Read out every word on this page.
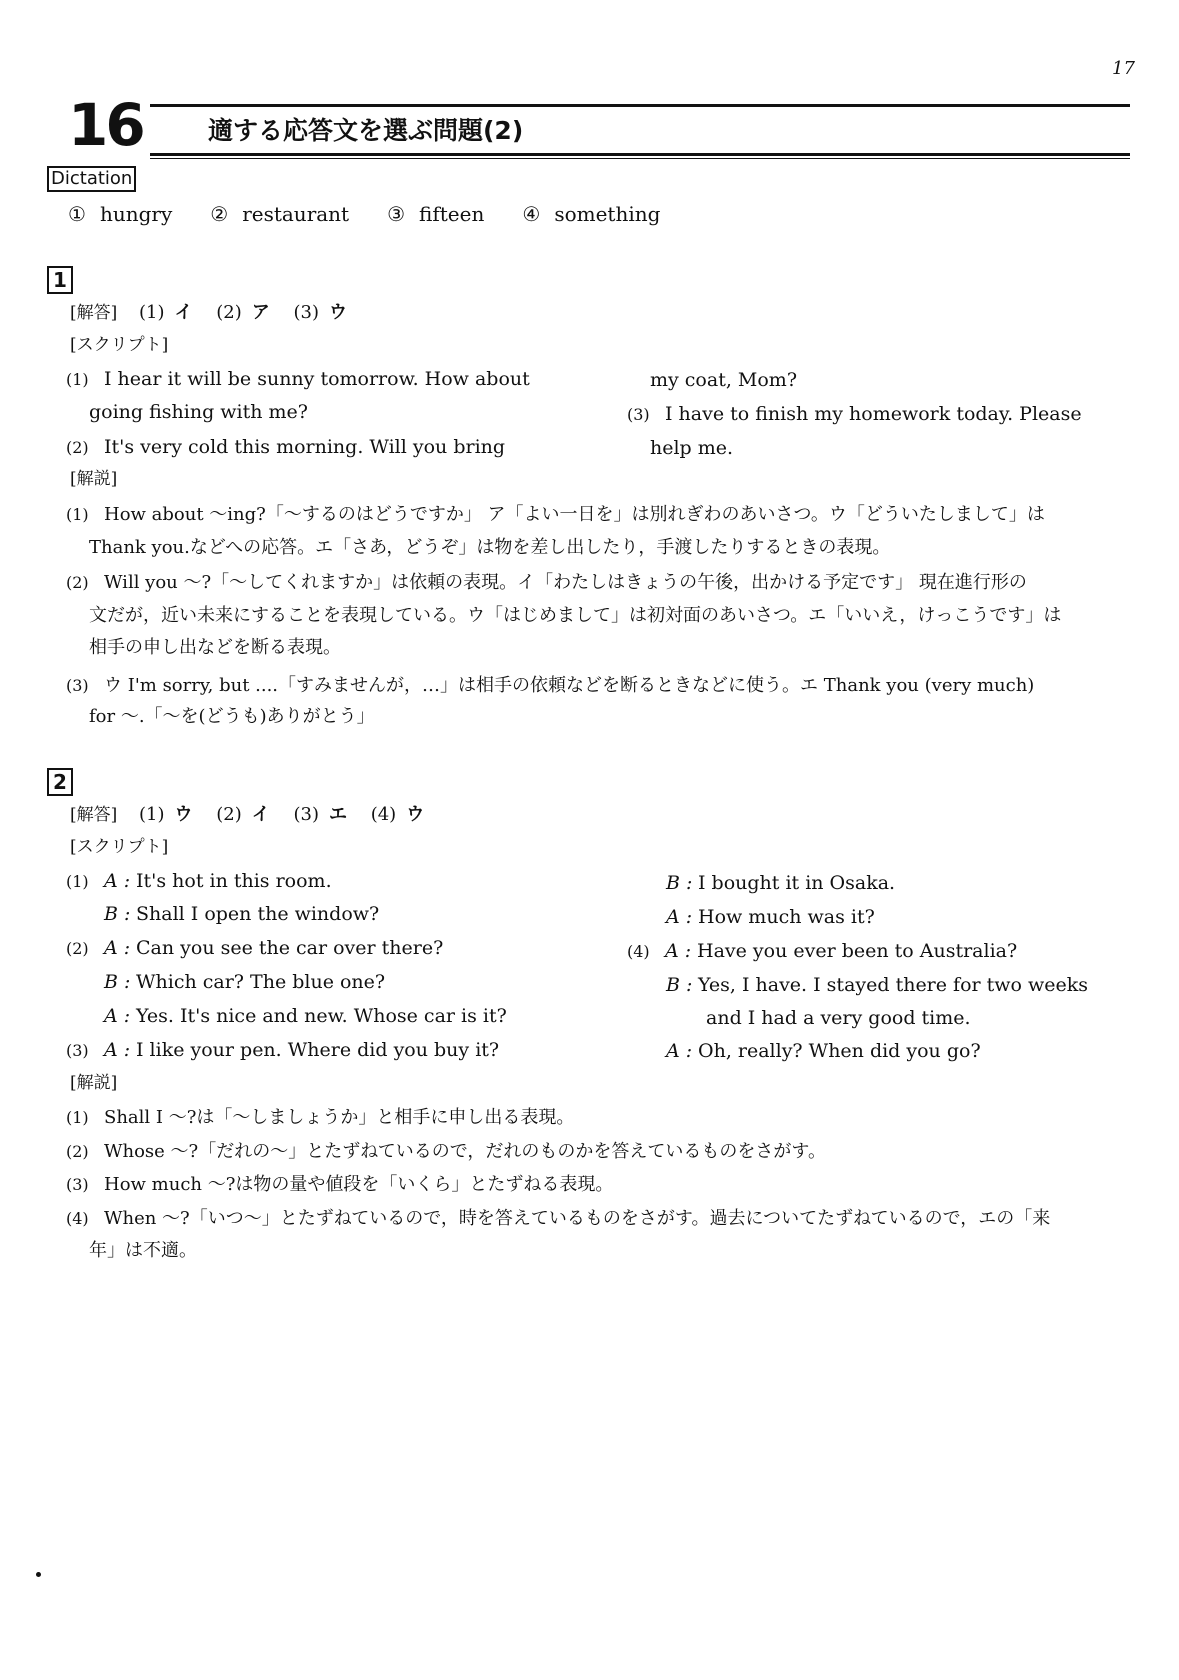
17
16	適する応答文を選ぶ問題(2)
Dictation
① hungry ② restaurant ③ fifteen ④ something
1
[解答] (1) イ (2) ア (3) ウ
[スクリプト]
(1) I hear it will be sunny tomorrow. How about
going fishing with me?
(2) It's very cold this morning. Will you bring
my coat, Mom?
(3) I have to finish my homework today. Please
help me.
[解説]
(1) How about ～ing?「～するのはどうですか」 ア「よい一日を」は別れぎわのあいさつ。ウ「どういたしまして」は
Thank you.などへの応答。エ「さあ，どうぞ」は物を差し出したり，手渡したりするときの表現。
(2) Will you ～?「～してくれますか」は依頼の表現。イ「わたしはきょうの午後，出かける予定です」 現在進行形の
文だが，近い未来にすることを表現している。ウ「はじめまして」は初対面のあいさつ。エ「いいえ，けっこうです」は
相手の申し出などを断る表現。
(3) ウ I'm sorry, but ....「すみませんが，…」は相手の依頼などを断るときなどに使う。エ Thank you (very much)
for ～.「～を(どうも)ありがとう」
2
[解答] (1) ウ (2) イ (3) エ (4) ウ
[スクリプト]
(1) A : It's hot in this room.
B : Shall I open the window?
(2) A : Can you see the car over there?
B : Which car? The blue one?
A : Yes. It's nice and new. Whose car is it?
(3) A : I like your pen. Where did you buy it?
B : I bought it in Osaka.
A : How much was it?
(4) A : Have you ever been to Australia?
B : Yes, I have. I stayed there for two weeks
and I had a very good time.
A : Oh, really? When did you go?
[解説]
(1) Shall I ～?は「～しましょうか」と相手に申し出る表現。
(2) Whose ～?「だれの～」とたずねているので，だれのものかを答えているものをさがす。
(3) How much ～?は物の量や値段を「いくら」とたずねる表現。
(4) When ～?「いつ～」とたずねているので，時を答えているものをさがす。過去についてたずねているので，エの「来
年」は不適。
